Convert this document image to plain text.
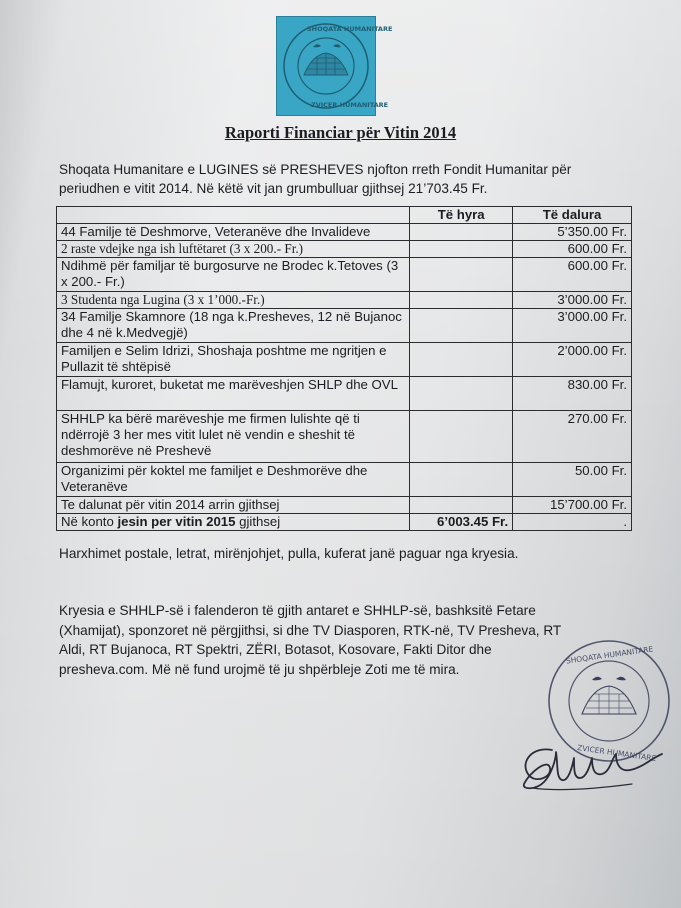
SHOQATA HUMANITARE
ZVICER HUMANITARE
Raporti Financiar për Vitin 2014
Shoqata Humanitare e LUGINES së PRESHEVES njofton rreth Fondit Humanitar për
periudhen e vitit 2014. Në këtë vit jan grumbulluar gjithsej 21’703.45 Fr.
	Të hyra	Të dalura
44 Familje të Deshmorve, Veteranëve dhe Invalideve		5’350.00 Fr.
2 raste vdejke nga ish luftëtaret (3 x 200.- Fr.)		600.00 Fr.
Ndihmë për familjar të burgosurve ne Brodec k.Tetoves (3 x 200.- Fr.)		600.00 Fr.
3 Studenta nga Lugina (3 x 1’000.-Fr.)		3’000.00 Fr.
34 Familje Skamnore (18 nga k.Presheves, 12 në Bujanoc dhe 4 në k.Medvegjë)		3’000.00 Fr.
Familjen e Selim Idrizi, Shoshaja poshtme me ngritjen e Pullazit të shtëpisë		2’000.00 Fr.
Flamujt, kuroret, buketat me marëveshjen SHLP dhe OVL		830.00 Fr.
SHHLP ka bërë marëveshje me firmen lulishte që ti ndërrojë 3 her mes vitit lulet në vendin e sheshit të deshmorëve në Preshevë		270.00 Fr.
Organizimi për koktel me familjet e Deshmorëve dhe Veteranëve		50.00 Fr.
Te dalunat për vitin 2014 arrin gjithsej		15’700.00 Fr.
Në konto jesin per vitin 2015 gjithsej	6’003.45 Fr.	.
Harxhimet postale, letrat, mirënjohjet, pulla, kuferat janë paguar nga kryesia.
Kryesia e SHHLP-së i falenderon të gjith antaret e SHHLP-së, bashksitë Fetare
(Xhamijat), sponzoret në përgjithsi, si dhe TV Diasporen, RTK-në, TV Presheva, RT
Aldi, RT Bujanoca, RT Spektri, ZËRI, Botasot, Kosovare, Fakti Ditor dhe
presheva.com. Më në fund urojmë të ju shpërbleje Zoti me të mira.
SHOQATA HUMANITARE
ZVICER HUMANITARE
